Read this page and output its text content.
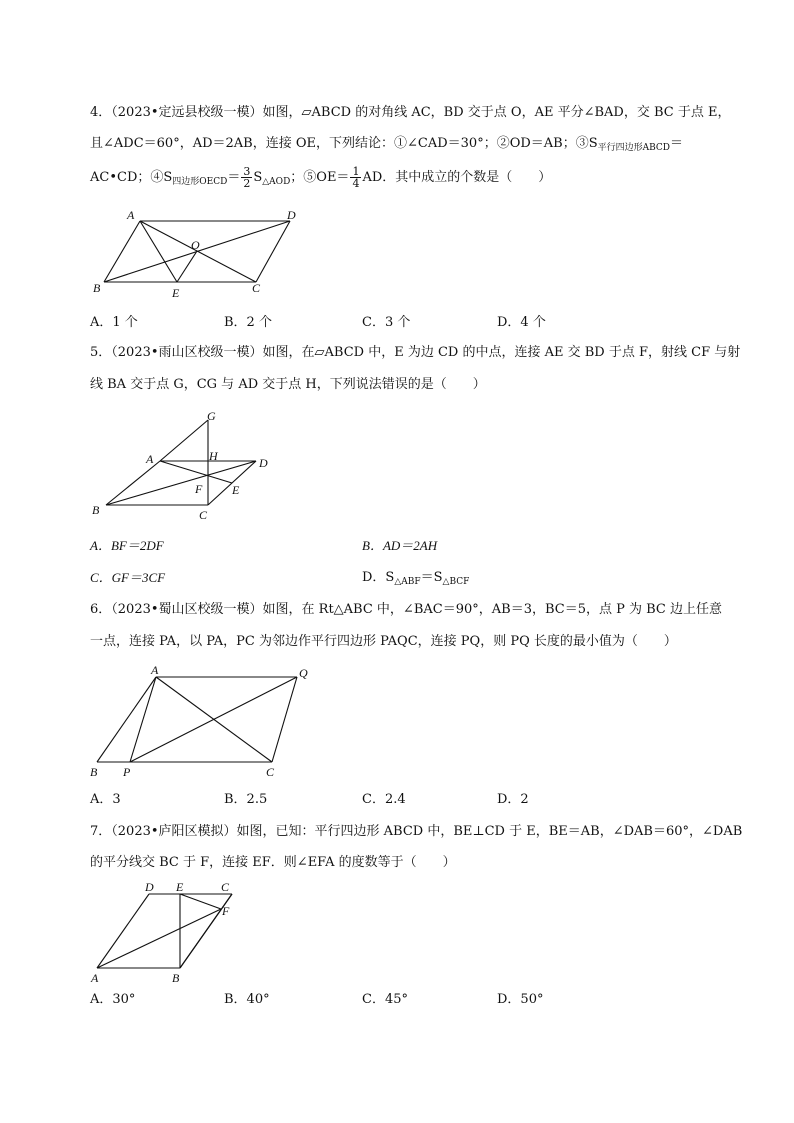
4．（2023•定远县校级一模）如图，▱ABCD 的对角线 AC，BD 交于点 O，AE 平分∠BAD，交 BC 于点 E，
且∠ADC＝60°，AD＝2AB，连接 OE，下列结论：①∠CAD＝30°；②OD＝AB；$③S_{平行四边形ABCD}=$
AC•CD；$④S_{四边形OECD}= \frac{3}{2} S_{\triangle AOD}$；⑤OE＝ $\frac{1}{4}$ AD．其中成立的个数是（　　）
A	D
O
B	E	C
A．1 个	B．2 个	C．3 个	D．4 个
5．（2023•雨山区校级一模）如图，在▱ABCD 中，E 为边 CD 的中点，连接 AE 交 BD 于点 F，射线 CF 与射
线 BA 交于点 G，CG 与 AD 交于点 H，下列说法错误的是（　　）
G
A	H	D
F E
B	C
A．BF＝2DF	B．AD＝2AH
C．GF＝3CF	D．$S_{\triangle ABF}=S_{\triangle BCF}$
6．（2023•蜀山区校级一模）如图，在 Rt△ABC 中，∠BAC＝90°，AB＝3，BC＝5，点 P 为 BC 边上任意
一点，连接 PA，以 PA，PC 为邻边作平行四边形 PAQC，连接 PQ，则 PQ 长度的最小值为（　　）
A	Q
B P	C
A．3	B．2.5	C．2.4	D．2
7．（2023•庐阳区模拟）如图，已知：平行四边形 ABCD 中，BE⊥CD 于 E，BE＝AB，∠DAB＝60°，∠DAB
的平分线交 BC 于 F，连接 EF．则∠EFA 的度数等于（　　）
D E	C
F
A	B
A．30°	B．40°	C．45°	D．50°
